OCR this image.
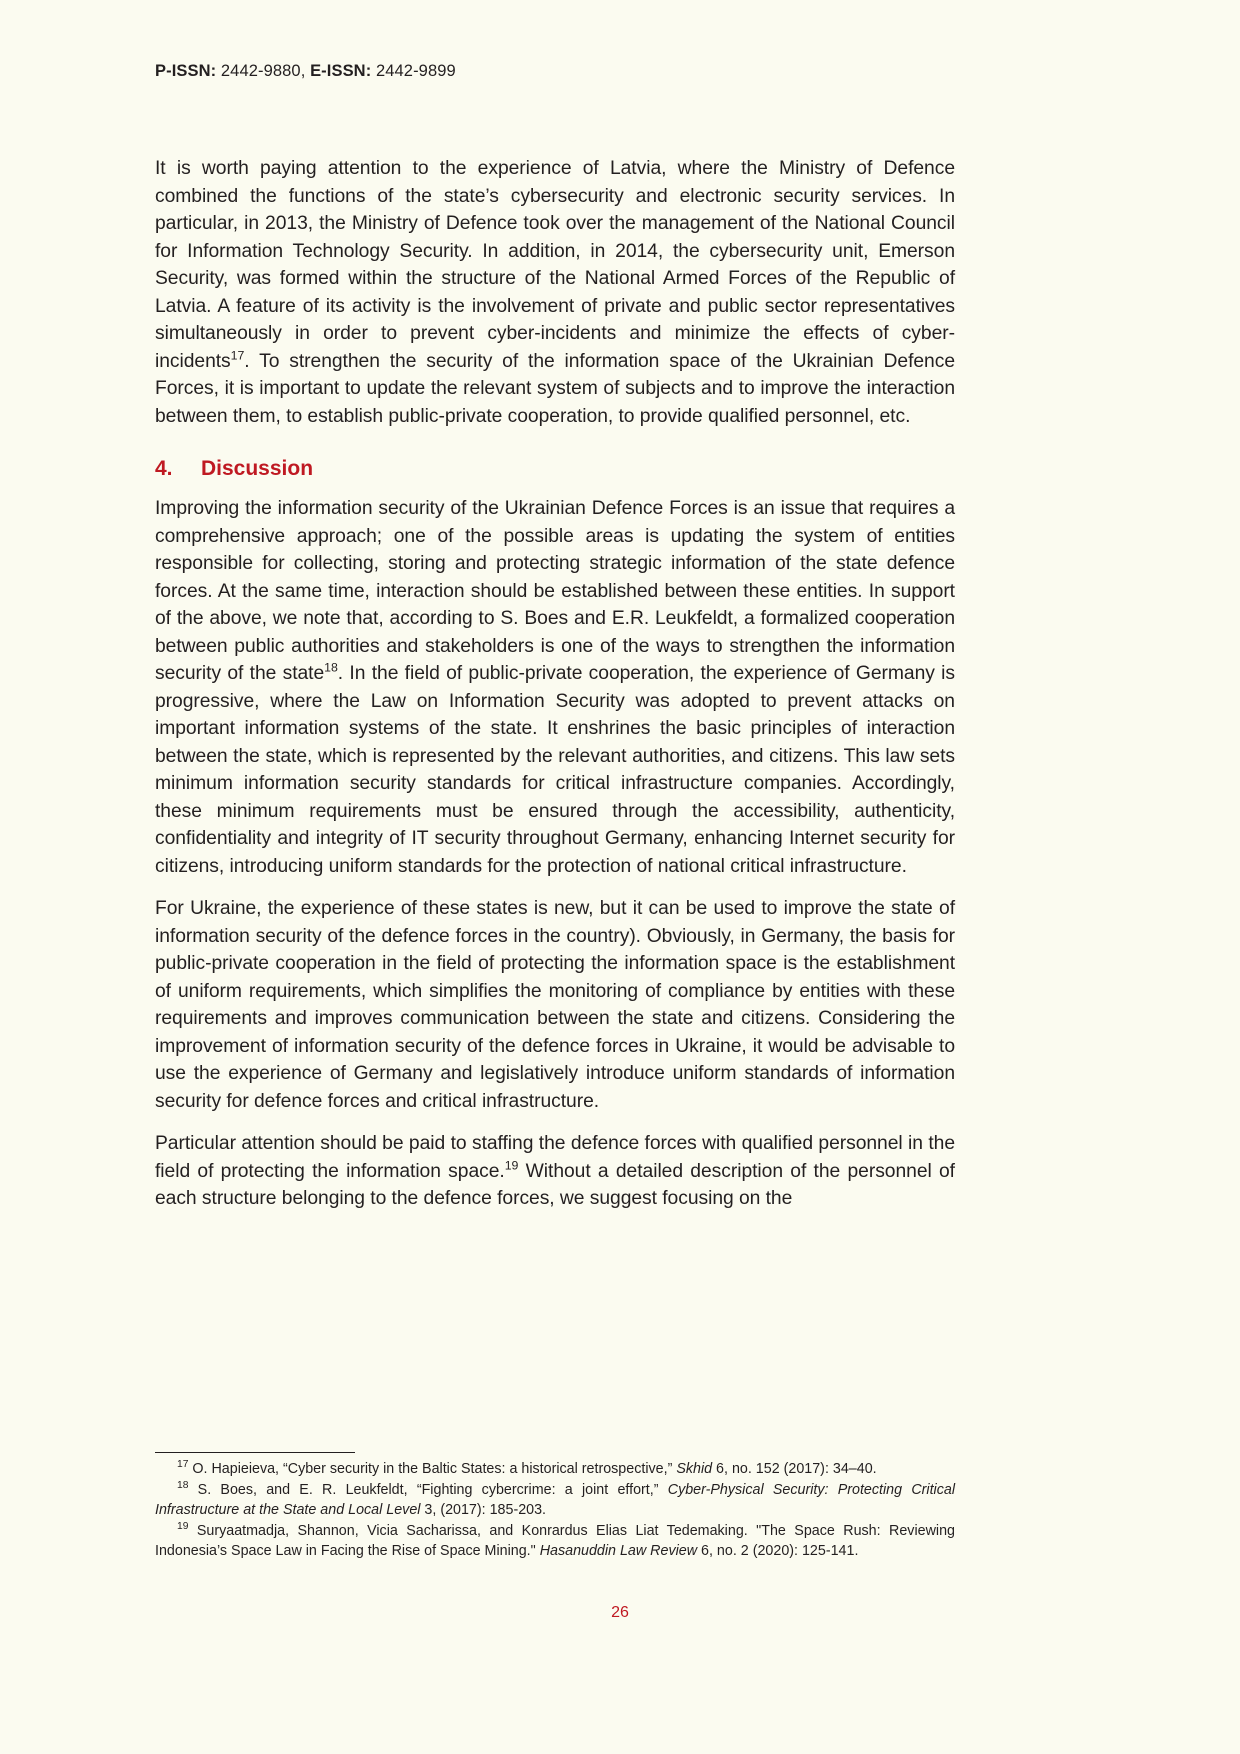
P-ISSN: 2442-9880, E-ISSN: 2442-9899

It is worth paying attention to the experience of Latvia, where the Ministry of Defence combined the functions of the state’s cybersecurity and electronic security services. In particular, in 2013, the Ministry of Defence took over the management of the National Council for Information Technology Security. In addition, in 2014, the cybersecurity unit, Emerson Security, was formed within the structure of the National Armed Forces of the Republic of Latvia. A feature of its activity is the involvement of private and public sector representatives simultaneously in order to prevent cyber-incidents and minimize the effects of cyber-incidents$^{17}$. To strengthen the security of the information space of the Ukrainian Defence Forces, it is important to update the relevant system of subjects and to improve the interaction between them, to establish public-private cooperation, to provide qualified personnel, etc.

4.	Discussion

Improving the information security of the Ukrainian Defence Forces is an issue that requires a comprehensive approach; one of the possible areas is updating the system of entities responsible for collecting, storing and protecting strategic information of the state defence forces. At the same time, interaction should be established between these entities. In support of the above, we note that, according to S. Boes and E.R. Leukfeldt, a formalized cooperation between public authorities and stakeholders is one of the ways to strengthen the information security of the state$^{18}$. In the field of public-private cooperation, the experience of Germany is progressive, where the Law on Information Security was adopted to prevent attacks on important information systems of the state. It enshrines the basic principles of interaction between the state, which is represented by the relevant authorities, and citizens. This law sets minimum information security standards for critical infrastructure companies. Accordingly, these minimum requirements must be ensured through the accessibility, authenticity, confidentiality and integrity of IT security throughout Germany, enhancing Internet security for citizens, introducing uniform standards for the protection of national critical infrastructure.

For Ukraine, the experience of these states is new, but it can be used to improve the state of information security of the defence forces in the country). Obviously, in Germany, the basis for public-private cooperation in the field of protecting the information space is the establishment of uniform requirements, which simplifies the monitoring of compliance by entities with these requirements and improves communication between the state and citizens. Considering the improvement of information security of the defence forces in Ukraine, it would be advisable to use the experience of Germany and legislatively introduce uniform standards of information security for defence forces and critical infrastructure.

Particular attention should be paid to staffing the defence forces with qualified personnel in the field of protecting the information space.$^{19}$ Without a detailed description of the personnel of each structure belonging to the defence forces, we suggest focusing on the

$^{17}$ O. Hapieieva, “Cyber security in the Baltic States: a historical retrospective,” Skhid 6, no. 152 (2017): 34–40.

$^{18}$ S. Boes, and E. R. Leukfeldt, “Fighting cybercrime: a joint effort,” Cyber-Physical Security: Protecting Critical Infrastructure at the State and Local Level 3, (2017): 185-203.

$^{19}$ Suryaatmadja, Shannon, Vicia Sacharissa, and Konrardus Elias Liat Tedemaking. "The Space Rush: Reviewing Indonesia’s Space Law in Facing the Rise of Space Mining." Hasanuddin Law Review 6, no. 2 (2020): 125-141.

26
